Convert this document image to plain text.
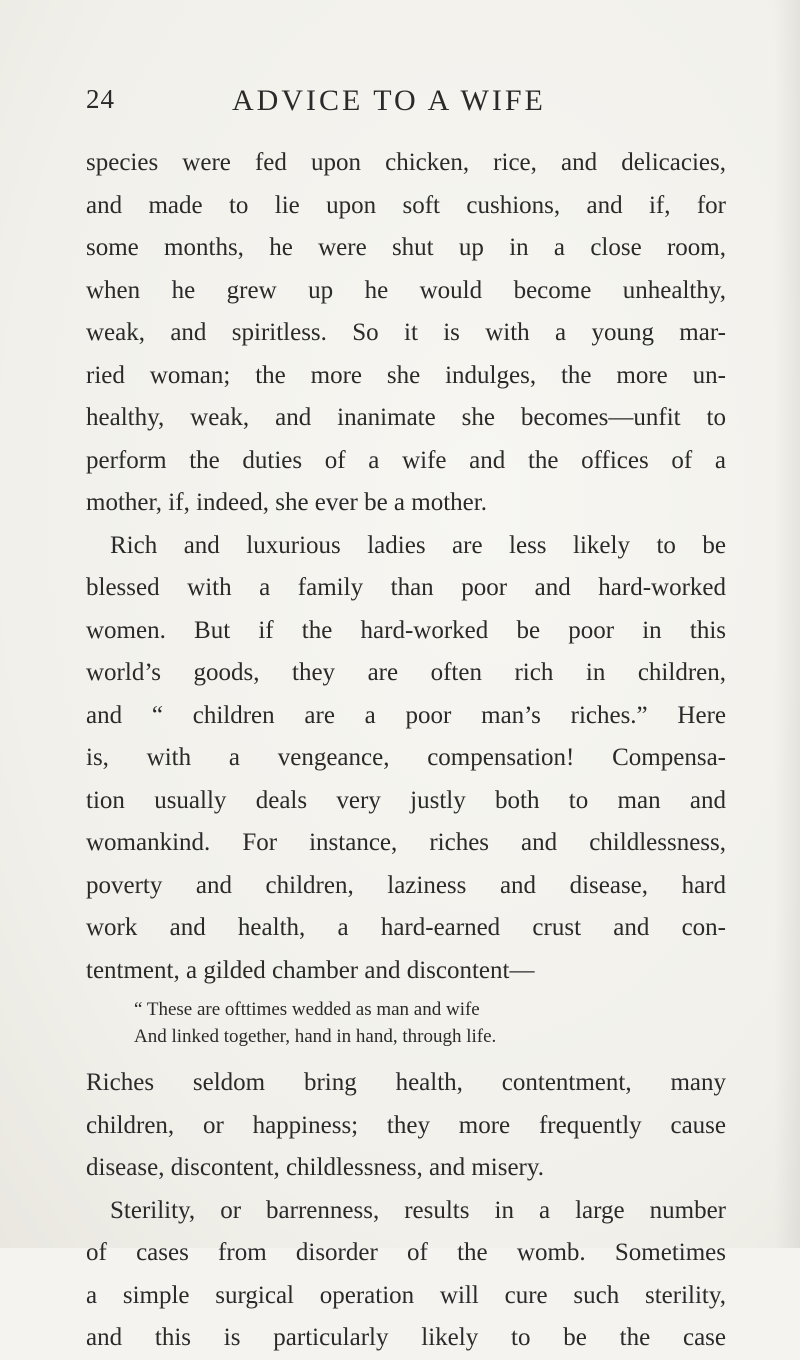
24	ADVICE TO A WIFE
species were fed upon chicken, rice, and delicacies,
and made to lie upon soft cushions, and if, for
some months, he were shut up in a close room,
when he grew up he would become unhealthy,
weak, and spiritless. So it is with a young mar-
ried woman; the more she indulges, the more un-
healthy, weak, and inanimate she becomes—unfit to
perform the duties of a wife and the offices of a
mother, if, indeed, she ever be a mother.
Rich and luxurious ladies are less likely to be
blessed with a family than poor and hard-worked
women. But if the hard-worked be poor in this
world’s goods, they are often rich in children,
and “ children are a poor man’s riches.” Here
is, with a vengeance, compensation! Compensa-
tion usually deals very justly both to man and
womankind. For instance, riches and childlessness,
poverty and children, laziness and disease, hard
work and health, a hard-earned crust and con-
tentment, a gilded chamber and discontent—
“ These are ofttimes wedded as man and wife
And linked together, hand in hand, through life.
Riches seldom bring health, contentment, many
children, or happiness; they more frequently cause
disease, discontent, childlessness, and misery.
Sterility, or barrenness, results in a large number
of cases from disorder of the womb. Sometimes
a simple surgical operation will cure such sterility,
and this is particularly likely to be the case
